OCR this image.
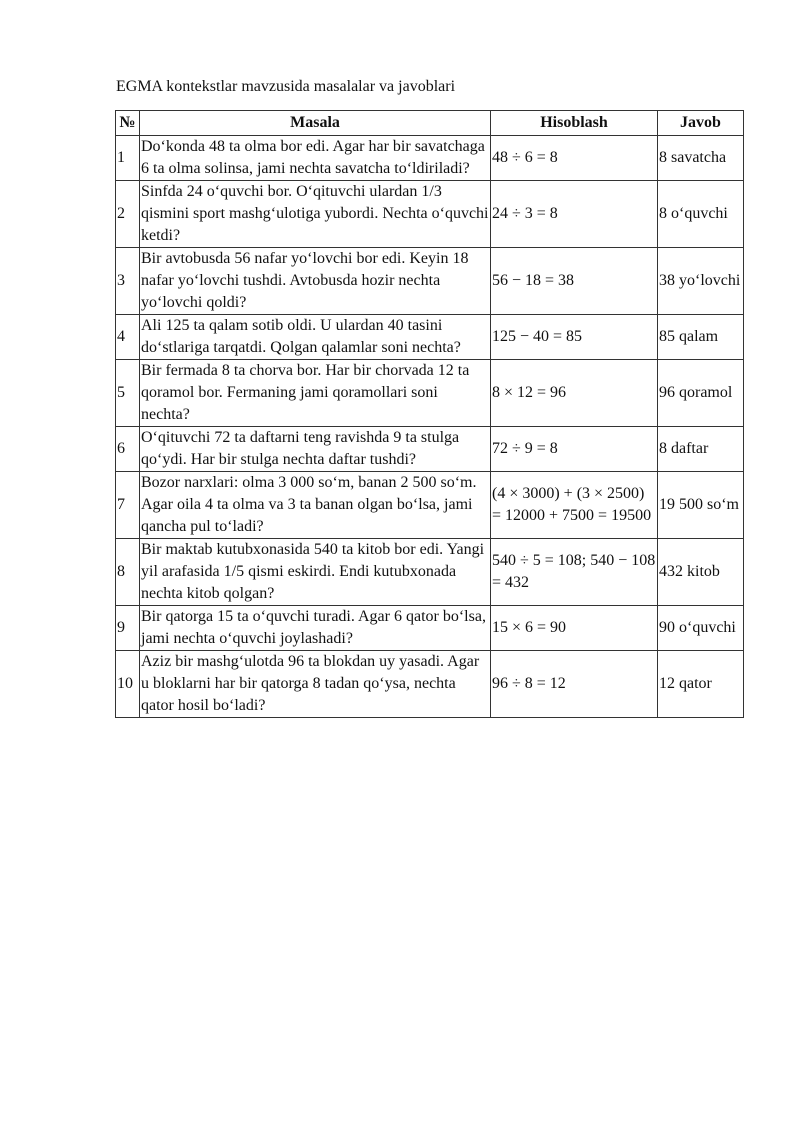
EGMA kontekstlar mavzusida masalalar va javoblari
№	Masala	Hisoblash	Javob
1	Do‘konda 48 ta olma bor edi. Agar har bir savatchaga 6 ta olma solinsa, jami nechta savatcha to‘ldiriladi?	48 ÷ 6 = 8	8 savatcha
2	Sinfda 24 o‘quvchi bor. O‘qituvchi ulardan 1/3 qismini sport mashg‘ulotiga yubordi. Nechta o‘quvchi ketdi?	24 ÷ 3 = 8	8 o‘quvchi
3	Bir avtobusda 56 nafar yo‘lovchi bor edi. Keyin 18 nafar yo‘lovchi tushdi. Avtobusda hozir nechta yo‘lovchi qoldi?	56 − 18 = 38	38 yo‘lovchi
4	Ali 125 ta qalam sotib oldi. U ulardan 40 tasini do‘stlariga tarqatdi. Qolgan qalamlar soni nechta?	125 − 40 = 85	85 qalam
5	Bir fermada 8 ta chorva bor. Har bir chorvada 12 ta qoramol bor. Fermaning jami qoramollari soni nechta?	8 × 12 = 96	96 qoramol
6	O‘qituvchi 72 ta daftarni teng ravishda 9 ta stulga qo‘ydi. Har bir stulga nechta daftar tushdi?	72 ÷ 9 = 8	8 daftar
7	Bozor narxlari: olma 3 000 so‘m, banan 2 500 so‘m. Agar oila 4 ta olma va 3 ta banan olgan bo‘lsa, jami qancha pul to‘ladi?	(4 × 3000) + (3 × 2500) = 12000 + 7500 = 19500	19 500 so‘m
8	Bir maktab kutubxonasida 540 ta kitob bor edi. Yangi yil arafasida 1/5 qismi eskirdi. Endi kutubxonada nechta kitob qolgan?	540 ÷ 5 = 108; 540 − 108 = 432	432 kitob
9	Bir qatorga 15 ta o‘quvchi turadi. Agar 6 qator bo‘lsa, jami nechta o‘quvchi joylashadi?	15 × 6 = 90	90 o‘quvchi
10	Aziz bir mashg‘ulotda 96 ta blokdan uy yasadi. Agar u bloklarni har bir qatorga 8 tadan qo‘ysa, nechta qator hosil bo‘ladi?	96 ÷ 8 = 12	12 qator
